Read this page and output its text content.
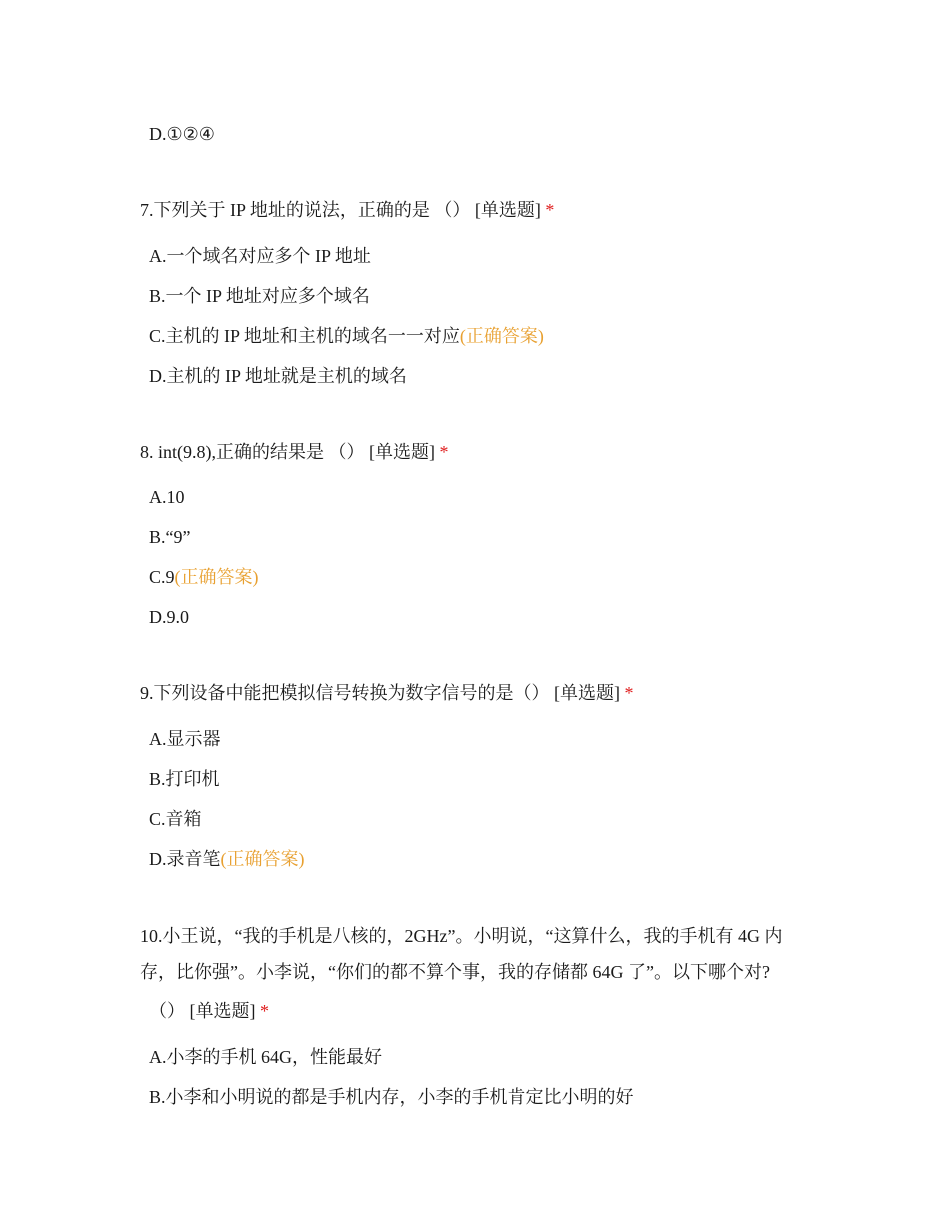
D.①②④
7.下列关于 IP 地址的说法，正确的是 （） [单选题] *
A.一个域名对应多个 IP 地址
B.一个 IP 地址对应多个域名
C.主机的 IP 地址和主机的域名一一对应(正确答案)
D.主机的 IP 地址就是主机的域名
8. int(9.8),正确的结果是 （） [单选题] *
A.10
B.“9”
C.9(正确答案)
D.9.0
9.下列设备中能把模拟信号转换为数字信号的是（） [单选题] *
A.显示器
B.打印机
C.音箱
D.录音笔(正确答案)
10.小王说，“我的手机是八核的，2GHz”。小明说，“这算什么，我的手机有 4G 内
存，比你强”。小李说，“你们的都不算个事，我的存储都 64G 了”。以下哪个对?
（） [单选题] *
A.小李的手机 64G，性能最好
B.小李和小明说的都是手机内存，小李的手机肯定比小明的好
